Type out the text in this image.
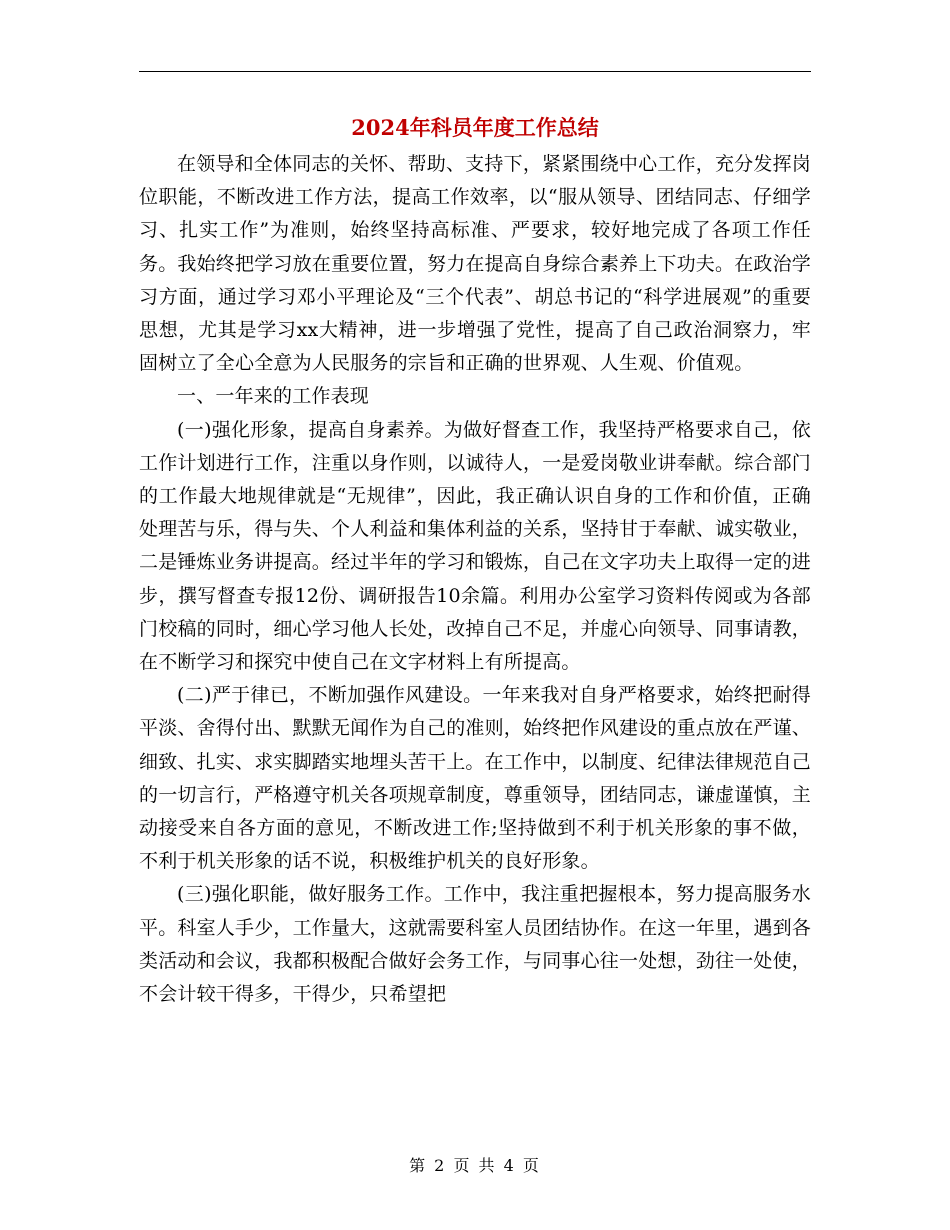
2024年科员年度工作总结

在领导和全体同志的关怀、帮助、支持下，紧紧围绕中心工作，充分发挥岗位职能，不断改进工作方法，提高工作效率，以“服从领导、团结同志、仔细学习、扎实工作”为准则，始终坚持高标准、严要求，较好地完成了各项工作任务。我始终把学习放在重要位置，努力在提高自身综合素养上下功夫。在政治学习方面，通过学习邓小平理论及“三个代表”、胡总书记的“科学进展观”的重要思想，尤其是学习xx大精神，进一步增强了党性，提高了自己政治洞察力，牢固树立了全心全意为人民服务的宗旨和正确的世界观、人生观、价值观。

一、一年来的工作表现

(一)强化形象，提高自身素养。为做好督查工作，我坚持严格要求自己，依工作计划进行工作，注重以身作则，以诚待人，一是爱岗敬业讲奉献。综合部门的工作最大地规律就是“无规律”，因此，我正确认识自身的工作和价值，正确处理苦与乐，得与失、个人利益和集体利益的关系，坚持甘于奉献、诚实敬业，二是锤炼业务讲提高。经过半年的学习和锻炼，自己在文字功夫上取得一定的进步，撰写督查专报12份、调研报告10余篇。利用办公室学习资料传阅或为各部门校稿的同时，细心学习他人长处，改掉自己不足，并虚心向领导、同事请教，在不断学习和探究中使自己在文字材料上有所提高。

(二)严于律已，不断加强作风建设。一年来我对自身严格要求，始终把耐得平淡、舍得付出、默默无闻作为自己的准则，始终把作风建设的重点放在严谨、细致、扎实、求实脚踏实地埋头苦干上。在工作中，以制度、纪律法律规范自己的一切言行，严格遵守机关各项规章制度，尊重领导，团结同志，谦虚谨慎，主动接受来自各方面的意见，不断改进工作;坚持做到不利于机关形象的事不做，不利于机关形象的话不说，积极维护机关的良好形象。

(三)强化职能，做好服务工作。工作中，我注重把握根本，努力提高服务水平。科室人手少，工作量大，这就需要科室人员团结协作。在这一年里，遇到各类活动和会议，我都积极配合做好会务工作，与同事心往一处想，劲往一处使，不会计较干得多，干得少，只希望把

第 2 页 共 4 页
